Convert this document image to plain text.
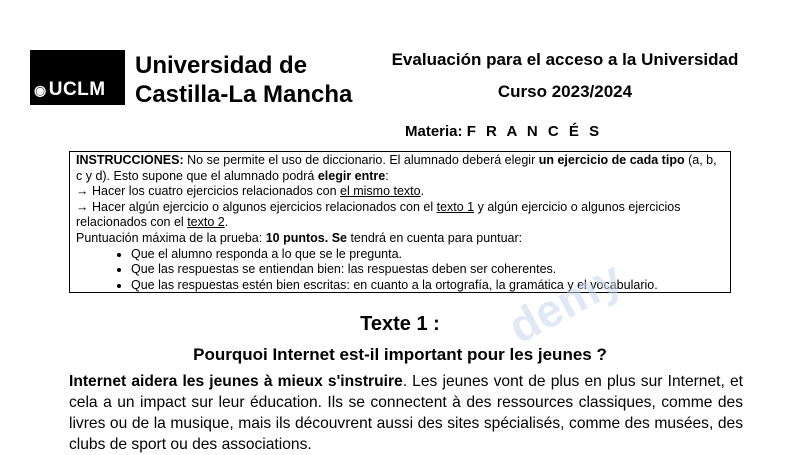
◉ UCLM
Universidad de
Castilla-La Mancha
Evaluación para el acceso a la Universidad
Curso 2023/2024
Materia: F R A N C É S

INSTRUCCIONES: No se permite el uso de diccionario. El alumnado deberá elegir un ejercicio de cada tipo (a, b, c y d). Esto supone que el alumnado podrá elegir entre:

→ Hacer los cuatro ejercicios relacionados con el mismo texto.

→ Hacer algún ejercicio o algunos ejercicios relacionados con el texto 1 y algún ejercicio o algunos ejercicios relacionados con el texto 2.

Puntuación máxima de la prueba: 10 puntos. Se tendrá en cuenta para puntuar:

• Que el alumno responda a lo que se le pregunta.
• Que las respuestas se entiendan bien: las respuestas deben ser coherentes.
• Que las respuestas estén bien escritas: en cuanto a la ortografía, la gramática y el vocabulario.
demy
Texte 1 :
Pourquoi Internet est-il important pour les jeunes ?
Internet aidera les jeunes à mieux s'instruire. Les jeunes vont de plus en plus sur Internet, et cela a un impact sur leur éducation. Ils se connectent à des ressources classiques, comme des livres ou de la musique, mais ils découvrent aussi des sites spécialisés, comme des musées, des clubs de sport ou des associations.
